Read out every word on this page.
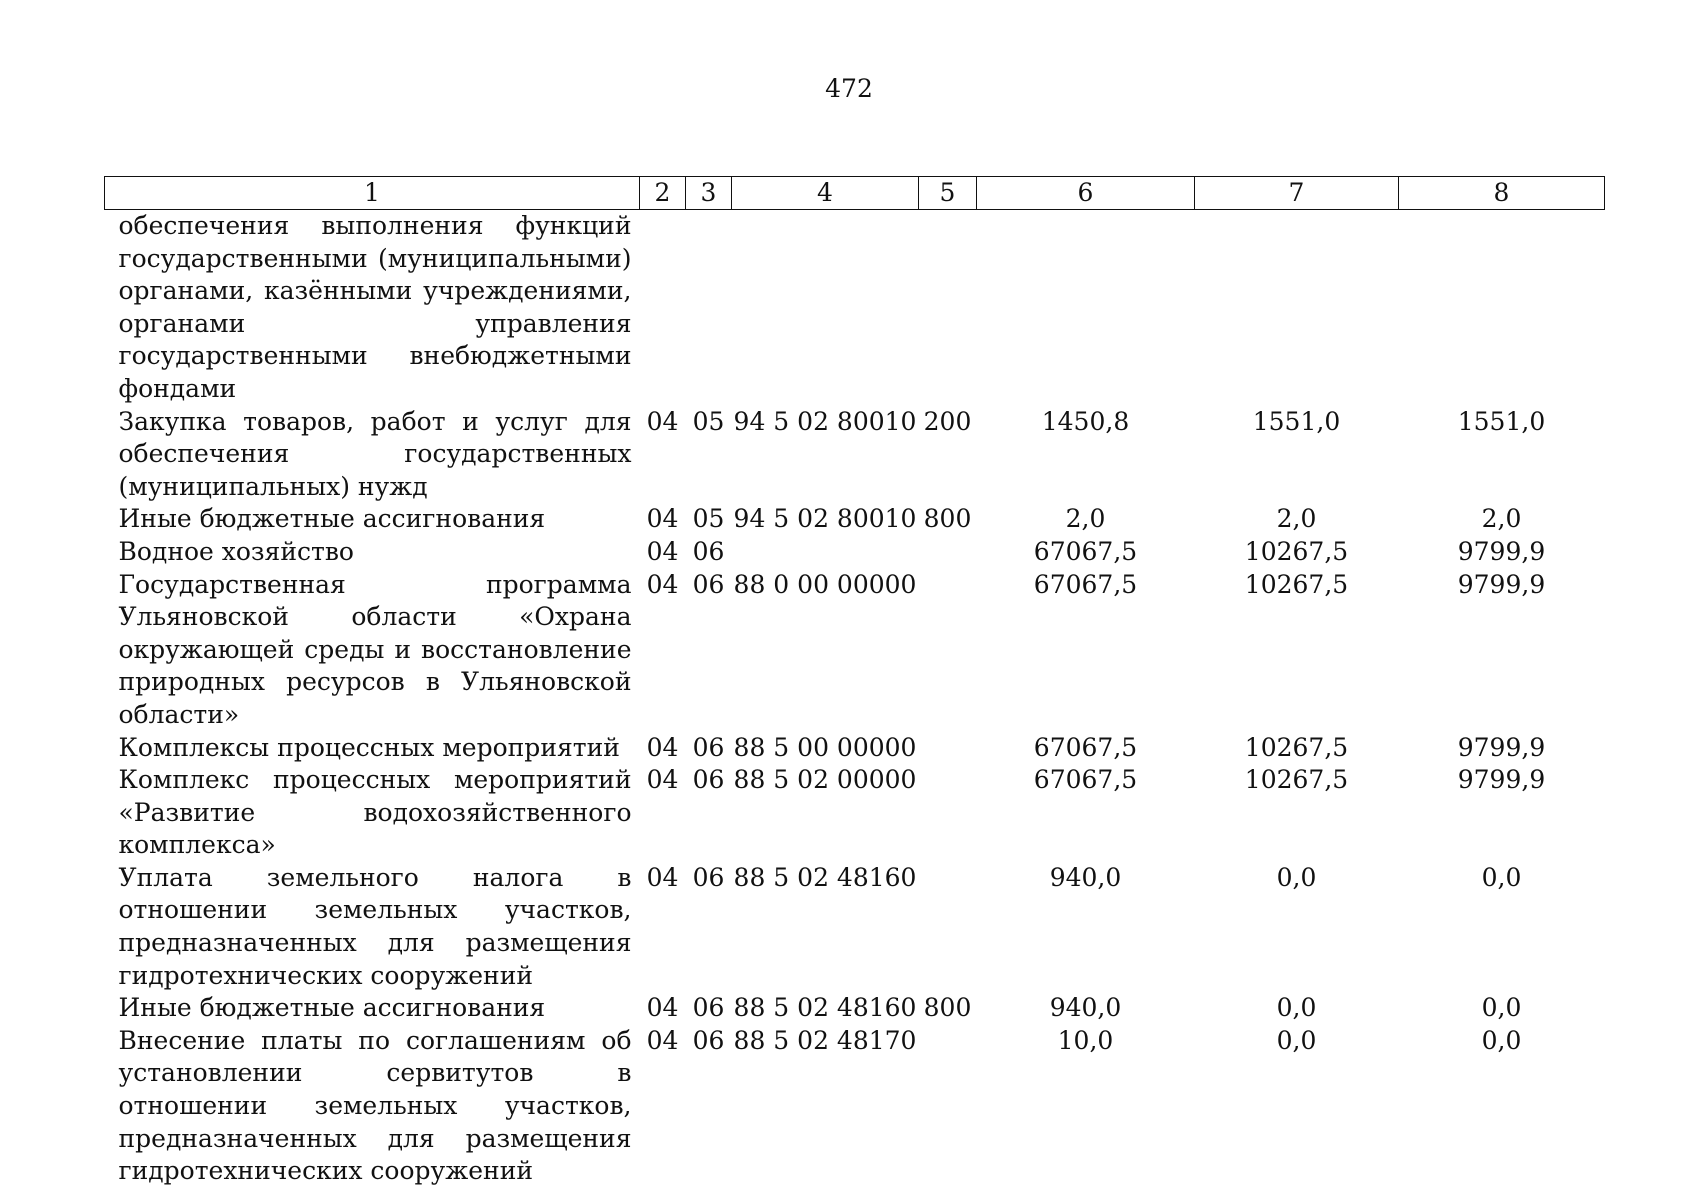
472
1	2	3	4	5	6	7	8
обеспечения выполнения функций государственными (муниципальными) органами, казёнными учреждениями, органами управления государственными внебюджетными фондами							
Закупка товаров, работ и услуг для обеспечения государственных (муниципальных) нужд	04	05	94 5 02 80010	200	1450,8	1551,0	1551,0
Иные бюджетные ассигнования	04	05	94 5 02 80010	800	2,0	2,0	2,0
Водное хозяйство	04	06			67067,5	10267,5	9799,9
Государственная программа Ульяновской области «Охрана окружающей среды и восстановление природных ресурсов в Ульяновской области»	04	06	88 0 00 00000		67067,5	10267,5	9799,9
Комплексы процессных мероприятий	04	06	88 5 00 00000		67067,5	10267,5	9799,9
Комплекс процессных мероприятий «Развитие водохозяйственного комплекса»	04	06	88 5 02 00000		67067,5	10267,5	9799,9
Уплата земельного налога в отношении земельных участков, предназначенных для размещения гидротехнических сооружений	04	06	88 5 02 48160		940,0	0,0	0,0
Иные бюджетные ассигнования	04	06	88 5 02 48160	800	940,0	0,0	0,0
Внесение платы по соглашениям об установлении сервитутов в отношении земельных участков, предназначенных для размещения гидротехнических сооружений	04	06	88 5 02 48170		10,0	0,0	0,0
